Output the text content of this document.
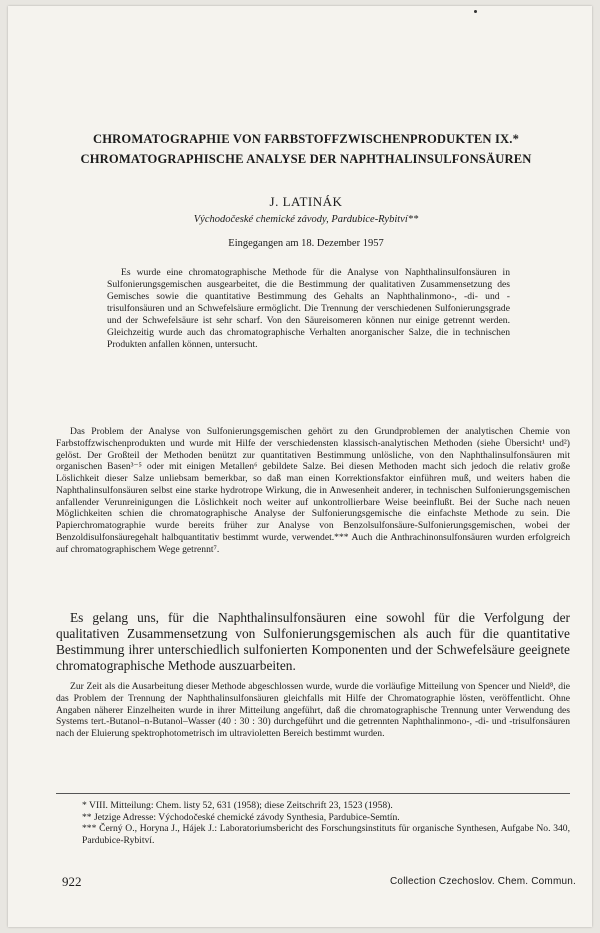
CHROMATOGRAPHIE VON FARBSTOFFZWISCHENPRODUKTEN IX.*
CHROMATOGRAPHISCHE ANALYSE DER NAPHTHALINSULFONSÄUREN
J. LATINÁK
Východočeské chemické závody, Pardubice-Rybitví**
Eingegangen am 18. Dezember 1957

Es wurde eine chromatographische Methode für die Analyse von Naphthalinsulfonsäuren in Sulfonierungsgemischen ausgearbeitet, die die Bestimmung der qualitativen Zusammensetzung des Gemisches sowie die quantitative Bestimmung des Gehalts an Naphthalinmono-, -di- und -trisulfonsäuren und an Schwefelsäure ermöglicht. Die Trennung der verschiedenen Sulfonierungsgrade und der Schwefelsäure ist sehr scharf. Von den Säureisomeren können nur einige getrennt werden. Gleichzeitig wurde auch das chromatographische Verhalten anorganischer Salze, die in technischen Produkten anfallen können, untersucht.

Das Problem der Analyse von Sulfonierungsgemischen gehört zu den Grundproblemen der analytischen Chemie von Farbstoffzwischenprodukten und wurde mit Hilfe der verschiedensten klassisch-analytischen Methoden (siehe Übersicht¹ und²) gelöst. Der Großteil der Methoden benützt zur quantitativen Bestimmung unlösliche, von den Naphthalinsulfonsäuren mit organischen Basen³⁻⁵ oder mit einigen Metallen⁶ gebildete Salze. Bei diesen Methoden macht sich jedoch die relativ große Löslichkeit dieser Salze unliebsam bemerkbar, so daß man einen Korrektionsfaktor einführen muß, und weiters haben die Naphthalinsulfonsäuren selbst eine starke hydrotrope Wirkung, die in Anwesenheit anderer, in technischen Sulfonierungsgemischen anfallender Verunreinigungen die Löslichkeit noch weiter auf unkontrollierbare Weise beeinflußt. Bei der Suche nach neuen Möglichkeiten schien die chromatographische Analyse der Sulfonierungsgemische die einfachste Methode zu sein. Die Papierchromatographie wurde bereits früher zur Analyse von Benzolsulfonsäure-Sulfonierungsgemischen, wobei der Benzoldisulfonsäuregehalt halbquantitativ bestimmt wurde, verwendet.*** Auch die Anthrachinonsulfonsäuren wurden erfolgreich auf chromatographischem Wege getrennt⁷.

Es gelang uns, für die Naphthalinsulfonsäuren eine sowohl für die Verfolgung der qualitativen Zusammensetzung von Sulfonierungsgemischen als auch für die quantitative Bestimmung ihrer unterschiedlich sulfonierten Komponenten und der Schwefelsäure geeignete chromatographische Methode auszuarbeiten.

Zur Zeit als die Ausarbeitung dieser Methode abgeschlossen wurde, wurde die vorläufige Mitteilung von Spencer und Nield⁸, die das Problem der Trennung der Naphthalinsulfonsäuren gleichfalls mit Hilfe der Chromatographie lösten, veröffentlicht. Ohne Angaben näherer Einzelheiten wurde in ihrer Mitteilung angeführt, daß die chromatographische Trennung unter Verwendung des Systems tert.-Butanol–n-Butanol–Wasser (40 : 30 : 30) durchgeführt und die getrennten Naphthalinmono-, -di- und -trisulfonsäuren nach der Eluierung spektrophotometrisch im ultravioletten Bereich bestimmt wurden.

* VIII. Mitteilung: Chem. listy 52, 631 (1958); diese Zeitschrift 23, 1523 (1958).
** Jetzige Adresse: Východočeské chemické závody Synthesia, Pardubice-Semtín.
*** Černý O., Horyna J., Hájek J.: Laboratoriumsbericht des Forschungsinstituts für organische Synthesen, Aufgabe No. 340, Pardubice-Rybitví.
922	Collection Czechoslov. Chem. Commun.
